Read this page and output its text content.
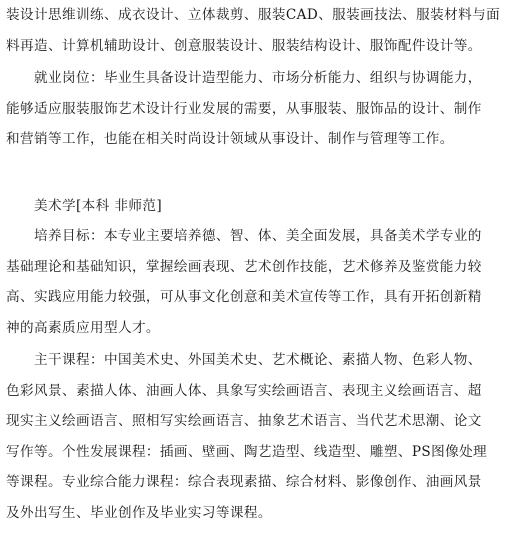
装设计思维训练、成衣设计、立体裁剪、服装CAD、服装画技法、服装材料与面
料再造、计算机辅助设计、创意服装设计、服装结构设计、服饰配件设计等。
就业岗位：毕业生具备设计造型能力、市场分析能力、组织与协调能力，
能够适应服装服饰艺术设计行业发展的需要，从事服装、服饰品的设计、制作
和营销等工作，也能在相关时尚设计领域从事设计、制作与管理等工作。
美术学[本科 非师范]
培养目标：本专业主要培养德、智、体、美全面发展，具备美术学专业的
基础理论和基础知识，掌握绘画表现、艺术创作技能，艺术修养及鉴赏能力较
高、实践应用能力较强，可从事文化创意和美术宣传等工作，具有开拓创新精
神的高素质应用型人才。
主干课程：中国美术史、外国美术史、艺术概论、素描人物、色彩人物、
色彩风景、素描人体、油画人体、具象写实绘画语言、表现主义绘画语言、超
现实主义绘画语言、照相写实绘画语言、抽象艺术语言、当代艺术思潮、论文
写作等。个性发展课程：插画、壁画、陶艺造型、线造型、雕塑、PS图像处理
等课程。专业综合能力课程：综合表现素描、综合材料、影像创作、油画风景
及外出写生、毕业创作及毕业实习等课程。
